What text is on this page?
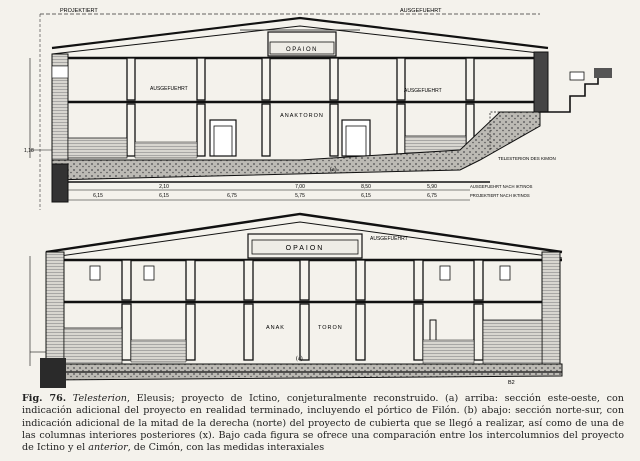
PROJEKTIERT	AUSGEFUEHRT
OPAION
ANAKTORON
AUSGEFUEHRT	AUSGEFUEHRT
TELESTERION DES KIMON
1,18
6,15	6,15	6,75	5,75	6,15	6,75
2,10	7,00	8,50	5,90	AUSGEFUEHRT NACH IKTINOS
PROJEKTIERT NACH IKTINOS
(a)
AUSGEFUEHRT
OPAION
ANAK	TORON
(a)
B2
Fig. 76. Telesterion, Eleusis; proyecto de Ictino, conjeturalmente reconstruido. (a) arriba: sección este-oeste, con indicación adicional del proyecto en realidad terminado, incluyendo el pórtico de Filón. (b) abajo: sección norte-sur, con indicación adicional de la mitad de la derecha (norte) del proyecto de cubierta que se llegó a realizar, así como de una de las columnas interiores posteriores (x). Bajo cada figura se ofrece una comparación entre los intercolumnios del proyecto de Ictino y el anterior, de Cimón, con las medidas interaxiales
